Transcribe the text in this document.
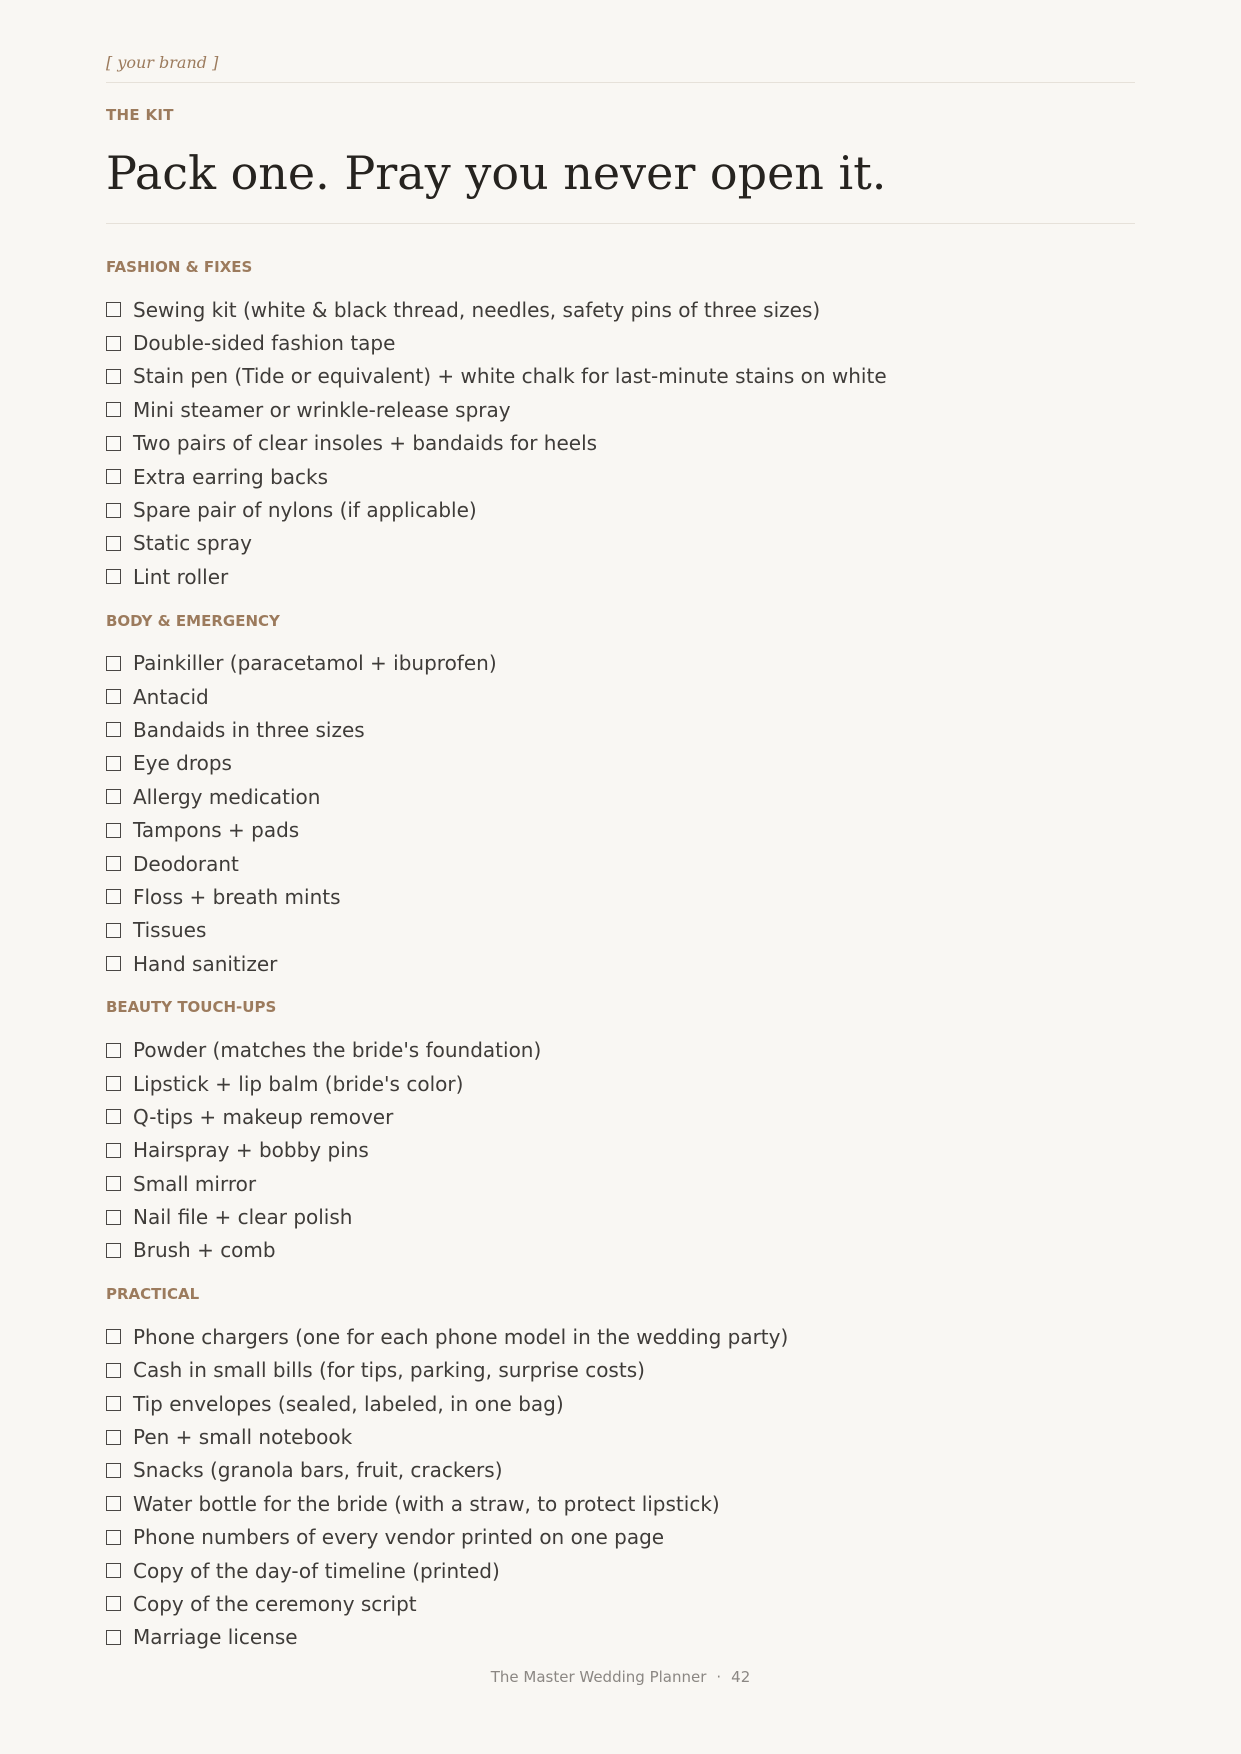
[ your brand ]
THE KIT
Pack one. Pray you never open it.
FASHION & FIXES
Sewing kit (white & black thread, needles, safety pins of three sizes)
Double-sided fashion tape
Stain pen (Tide or equivalent) + white chalk for last-minute stains on white
Mini steamer or wrinkle-release spray
Two pairs of clear insoles + bandaids for heels
Extra earring backs
Spare pair of nylons (if applicable)
Static spray
Lint roller
BODY & EMERGENCY
Painkiller (paracetamol + ibuprofen)
Antacid
Bandaids in three sizes
Eye drops
Allergy medication
Tampons + pads
Deodorant
Floss + breath mints
Tissues
Hand sanitizer
BEAUTY TOUCH-UPS
Powder (matches the bride's foundation)
Lipstick + lip balm (bride's color)
Q-tips + makeup remover
Hairspray + bobby pins
Small mirror
Nail file + clear polish
Brush + comb
PRACTICAL
Phone chargers (one for each phone model in the wedding party)
Cash in small bills (for tips, parking, surprise costs)
Tip envelopes (sealed, labeled, in one bag)
Pen + small notebook
Snacks (granola bars, fruit, crackers)
Water bottle for the bride (with a straw, to protect lipstick)
Phone numbers of every vendor printed on one page
Copy of the day-of timeline (printed)
Copy of the ceremony script
Marriage license
The Master Wedding Planner · 42
